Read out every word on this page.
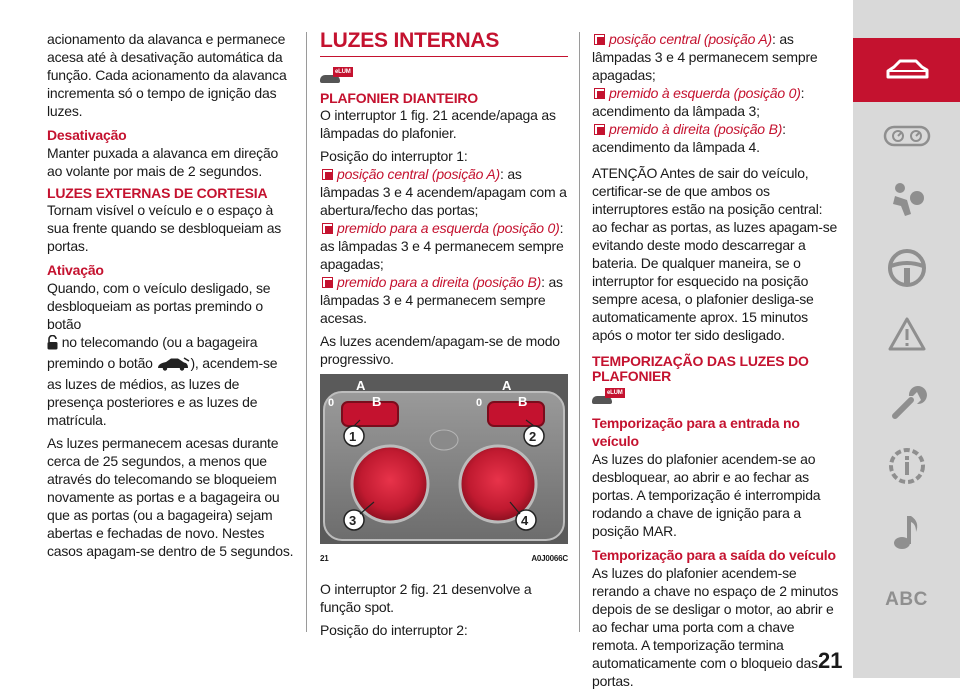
acionamento da alavanca e permanece acesa até à desativação automática da função. Cada acionamento da alavanca incrementa só o tempo de ignição das luzes.

Desativação

Manter puxada a alavanca em direção ao volante por mais de 2 segundos.

LUZES EXTERNAS DE CORTESIA

Tornam visível o veículo e o espaço à sua frente quando se desbloqueiam as portas.

Ativação

Quando, com o veículo desligado, se desbloqueiam as portas premindo o botão
no telecomando (ou a bagageira premindo o botão ), acendem-se as luzes de médios, as luzes de presença posteriores e as luzes de matrícula.

As luzes permanecem acesas durante cerca de 25 segundos, a menos que através do telecomando se bloqueiem novamente as portas e a bagageira ou que as portas (ou a bagageira) sejam abertas e fechadas de novo. Nestes casos apagam-se dentro de 5 segundos.

LUZES INTERNAS
eLUM
PLAFONIER DIANTEIRO

O interruptor 1 fig. 21 acende/apaga as lâmpadas do plafonier.

Posição do interruptor 1:

posição central (posição A): as lâmpadas 3 e 4 acendem/apagam com a abertura/fecho das portas;
premido para a esquerda (posição 0): as lâmpadas 3 e 4 permanecem sempre apagadas;
premido para a direita (posição B): as lâmpadas 3 e 4 permanecem sempre acesas.

As luzes acendem/apagam-se de modo progressivo.

A	A
0	B	0	B
1	2
3	4
21	A0J0066C

O interruptor 2 fig. 21 desenvolve a função spot.

Posição do interruptor 2:

posição central (posição A): as lâmpadas 3 e 4 permanecem sempre apagadas;
premido à esquerda (posição 0): acendimento da lâmpada 3;
premido à direita (posição B): acendimento da lâmpada 4.

ATENÇÃO Antes de sair do veículo, certificar-se de que ambos os interruptores estão na posição central: ao fechar as portas, as luzes apagam-se evitando deste modo descarregar a bateria. De qualquer maneira, se o interruptor for esquecido na posição sempre acesa, o plafonier desliga-se automaticamente aprox. 15 minutos após o motor ter sido desligado.

TEMPORIZAÇÃO DAS LUZES DO PLAFONIER
eLUM
Temporização para a entrada no veículo

As luzes do plafonier acendem-se ao desbloquear, ao abrir e ao fechar as portas. A temporização é interrompida rodando a chave de ignição para a posição MAR.

Temporização para a saída do veículo

As luzes do plafonier acendem-se rerando a chave no espaço de 2 minutos depois de se desligar o motor, ao abrir e ao fechar uma porta com a chave remota. A temporização termina automaticamente com o bloqueio das portas.

ABC
21
